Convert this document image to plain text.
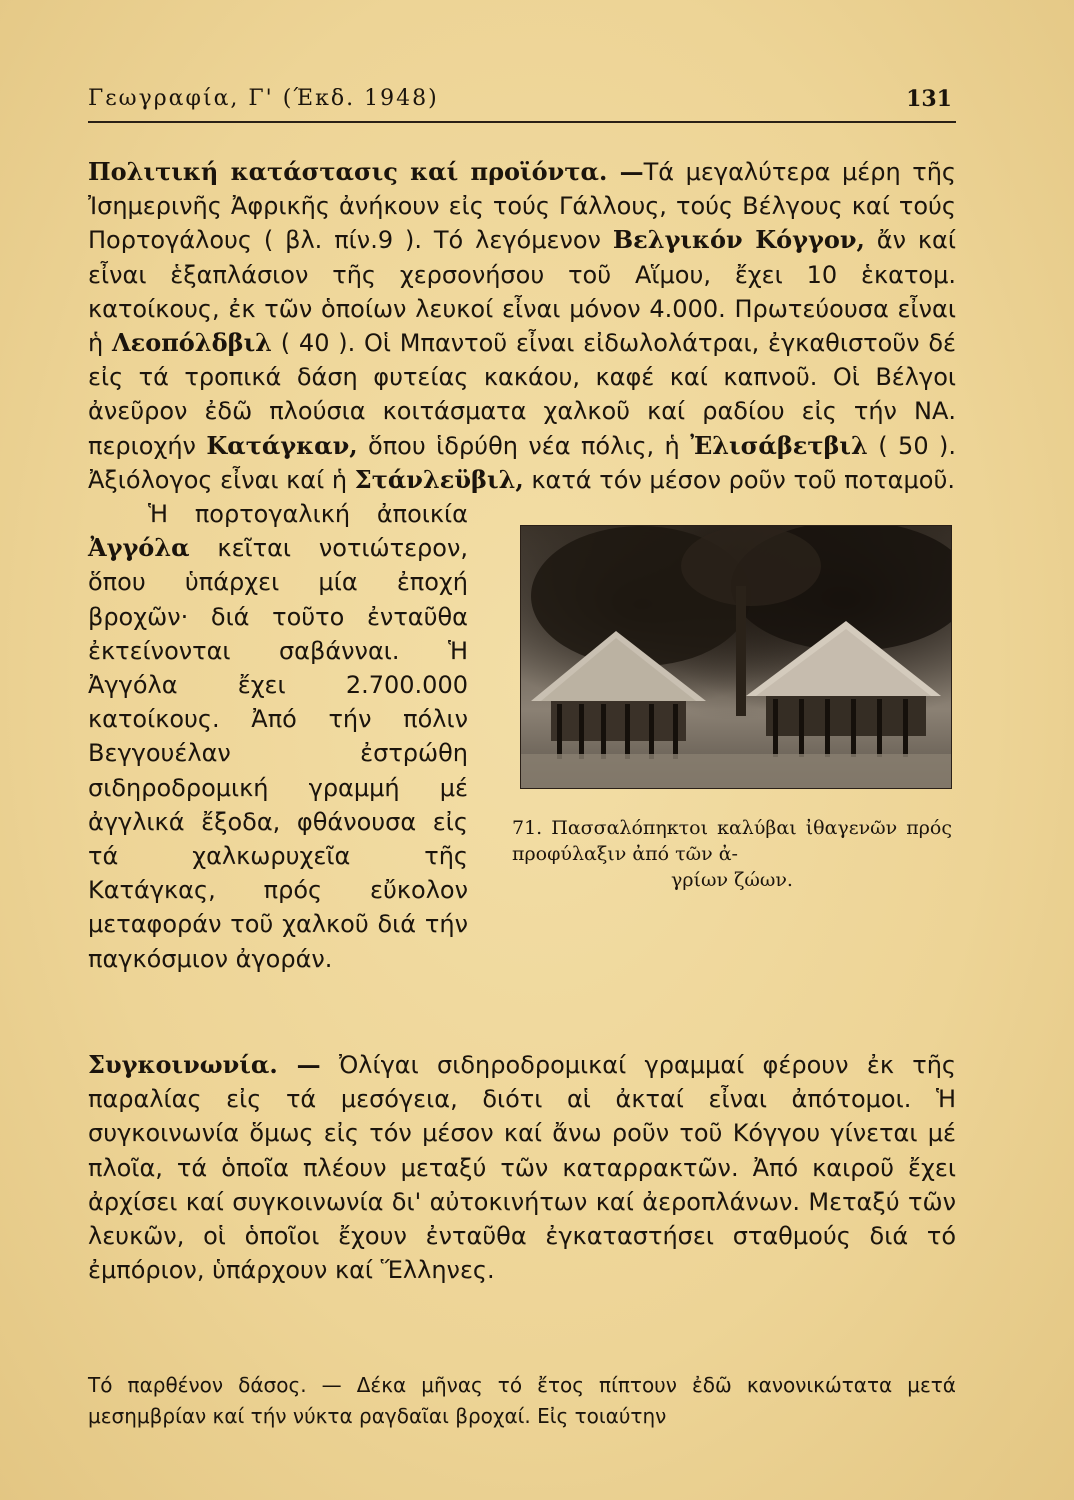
Γεωγραφία, Γ' (Έκδ. 1948)	131

Πολιτική κατάστασις καί προϊόντα. —Τά μεγαλύτερα μέρη τῆς Ἰσημερινῆς Ἀφρικῆς ἀνήκουν εἰς τούς Γάλλους, τούς Βέλγους καί τούς Πορτογάλους ( βλ. πίν.9 ). Τό λεγόμενον Βελγικόν Κόγγον, ἄν καί εἶναι ἑξαπλάσιον τῆς χερσονήσου τοῦ Αἵμου, ἔχει 10 ἑκατομ. κατοίκους, ἐκ τῶν ὁποίων λευκοί εἶναι μόνον 4.000. Πρωτεύουσα εἶναι ἡ Λεοπόλδβιλ ( 40 ). Οἱ Μπαντοῦ εἶναι εἰδωλολάτραι, ἐγκαθιστοῦν δέ εἰς τά τροπικά δάση φυτείας κακάου, καφέ καί καπνοῦ. Οἱ Βέλγοι ἀνεῦρον ἐδῶ πλούσια κοιτάσματα χαλκοῦ καί ραδίου εἰς τήν ΝΑ. περιοχήν Κατάγκαν, ὅπου ἱδρύθη νέα πόλις, ἡ Ἐλισάβετβιλ ( 50 ). Ἀξιόλογος εἶναι καί ἡ Στάνλεϋβιλ, κατά τόν μέσον ροῦν τοῦ ποταμοῦ.

71. Πασσαλόπηκτοι καλύβαι ἰθαγενῶν πρός προφύλαξιν ἀπό τῶν ἀ-
γρίων ζώων.

Ἡ πορτογαλική ἀποικία Ἀγγόλα κεῖται νοτιώτερον, ὅπου ὑπάρχει μία ἐποχή βροχῶν· διά τοῦτο ἐνταῦθα ἐκτείνονται σαβάνναι. Ἡ Ἀγγόλα ἔχει 2.700.000 κατοίκους. Ἀπό τήν πόλιν Βεγγουέλαν ἐστρώθη σιδηροδρομική γραμμή μέ ἀγγλικά ἔξοδα, φθάνουσα εἰς τά χαλκωρυχεῖα τῆς Κατάγκας, πρός εὔκολον μεταφοράν τοῦ χαλκοῦ διά τήν παγκόσμιον ἀγοράν.

Συγκοινωνία. — Ὀλίγαι σιδηροδρομικαί γραμμαί φέρουν ἐκ τῆς παραλίας εἰς τά μεσόγεια, διότι αἱ ἀκταί εἶναι ἀπότομοι. Ἡ συγκοινωνία ὅμως εἰς τόν μέσον καί ἄνω ροῦν τοῦ Κόγγου γίνεται μέ πλοῖα, τά ὁποῖα πλέουν μεταξύ τῶν καταρρακτῶν. Ἀπό καιροῦ ἔχει ἀρχίσει καί συγκοινωνία δι' αὐτοκινήτων καί ἀεροπλάνων. Μεταξύ τῶν λευκῶν, οἱ ὁποῖοι ἔχουν ἐνταῦθα ἐγκαταστήσει σταθμούς διά τό ἐμπόριον, ὑπάρχουν καί Ἕλληνες.

Τό παρθένον δάσος. — Δέκα μῆνας τό ἔτος πίπτουν ἐδῶ κανονικώτατα μετά μεσημβρίαν καί τήν νύκτα ραγδαῖαι βροχαί. Εἰς τοιαύτην
